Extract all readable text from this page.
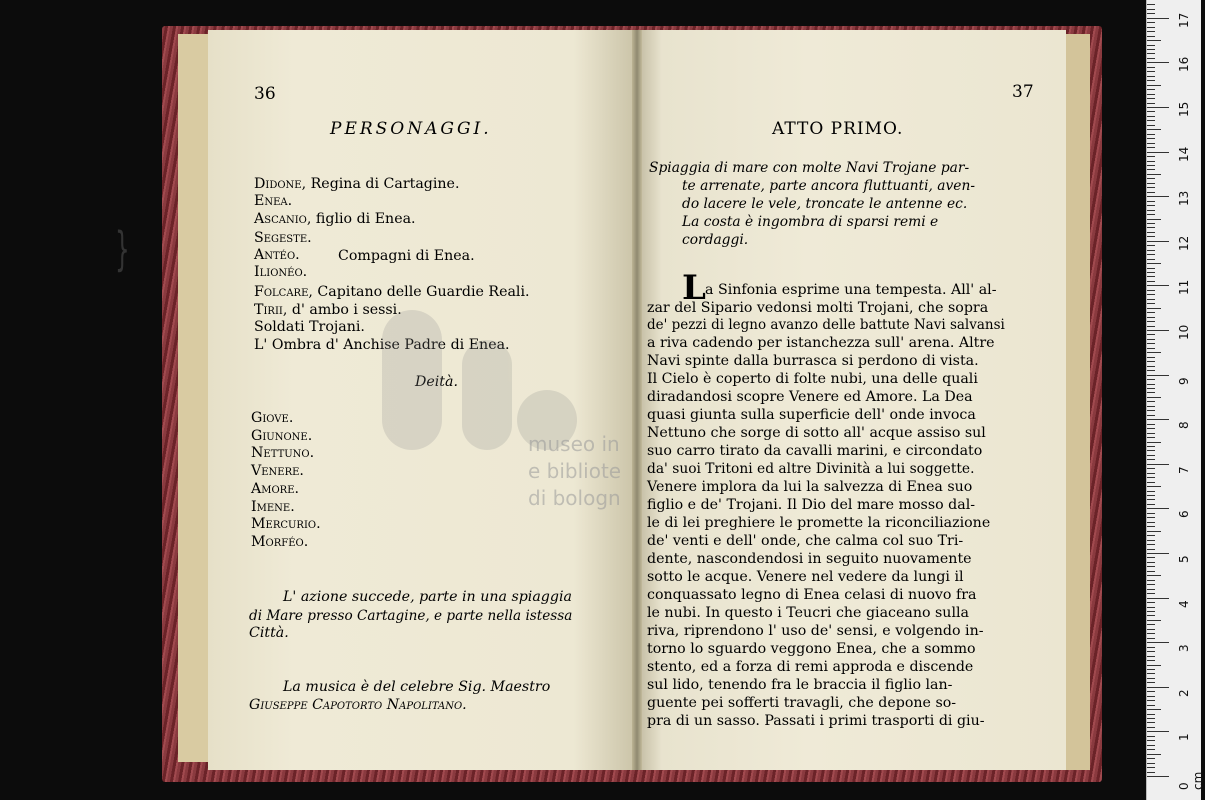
36
PERSONAGGI.
Didone, Regina di Cartagine.
Enea.
Ascanio, figlio di Enea.
Segeste.
Antéo.
Ilionéo.
}	Compagni di Enea.
Folcare, Capitano delle Guardie Reali.
Tirii, d' ambo i sessi.
Soldati Trojani.
L' Ombra d' Anchise Padre di Enea.
Deità.
Giove.
Giunone.
Nettuno.
Venere.
Amore.
Imene.
Mercurio.
Morféo.
L' azione succede, parte in una spiaggia
di Mare presso Cartagine, e parte nella istessa
Città.
La musica è del celebre Sig. Maestro
Giuseppe Capotorto Napolitano.
museo in
e bibliote
di bologn
37
ATTO PRIMO.
Spiaggia di mare con molte Navi Trojane par-
te arrenate, parte ancora fluttuanti, aven-
do lacere le vele, troncate le antenne ec.
La costa è ingombra di sparsi remi e
cordaggi.
L a Sinfonia esprime una tempesta. All' al-
zar del Sipario vedonsi molti Trojani, che sopra
de' pezzi di legno avanzo delle battute Navi salvansi
a riva cadendo per istanchezza sull' arena. Altre
Navi spinte dalla burrasca si perdono di vista.
Il Cielo è coperto di folte nubi, una delle quali
diradandosi scopre Venere ed Amore. La Dea
quasi giunta sulla superficie dell' onde invoca
Nettuno che sorge di sotto all' acque assiso sul
suo carro tirato da cavalli marini, e circondato
da' suoi Tritoni ed altre Divinità a lui soggette.
Venere implora da lui la salvezza di Enea suo
figlio e de' Trojani. Il Dio del mare mosso dal-
le di lei preghiere le promette la riconciliazione
de' venti e dell' onde, che calma col suo Tri-
dente, nascondendosi in seguito nuovamente
sotto le acque. Venere nel vedere da lungi il
conquassato legno di Enea celasi di nuovo fra
le nubi. In questo i Teucri che giaceano sulla
riva, riprendono l' uso de' sensi, e volgendo in-
torno lo sguardo veggono Enea, che a sommo
stento, ed a forza di remi approda e discende
sul lido, tenendo fra le braccia il figlio lan-
guente pei sofferti travagli, che depone so-
pra di un sasso. Passati i primi trasporti di giu-
0 cm
1
2
3
4
5
6
7
8
9
10
11
12
13
14
15
16
17
